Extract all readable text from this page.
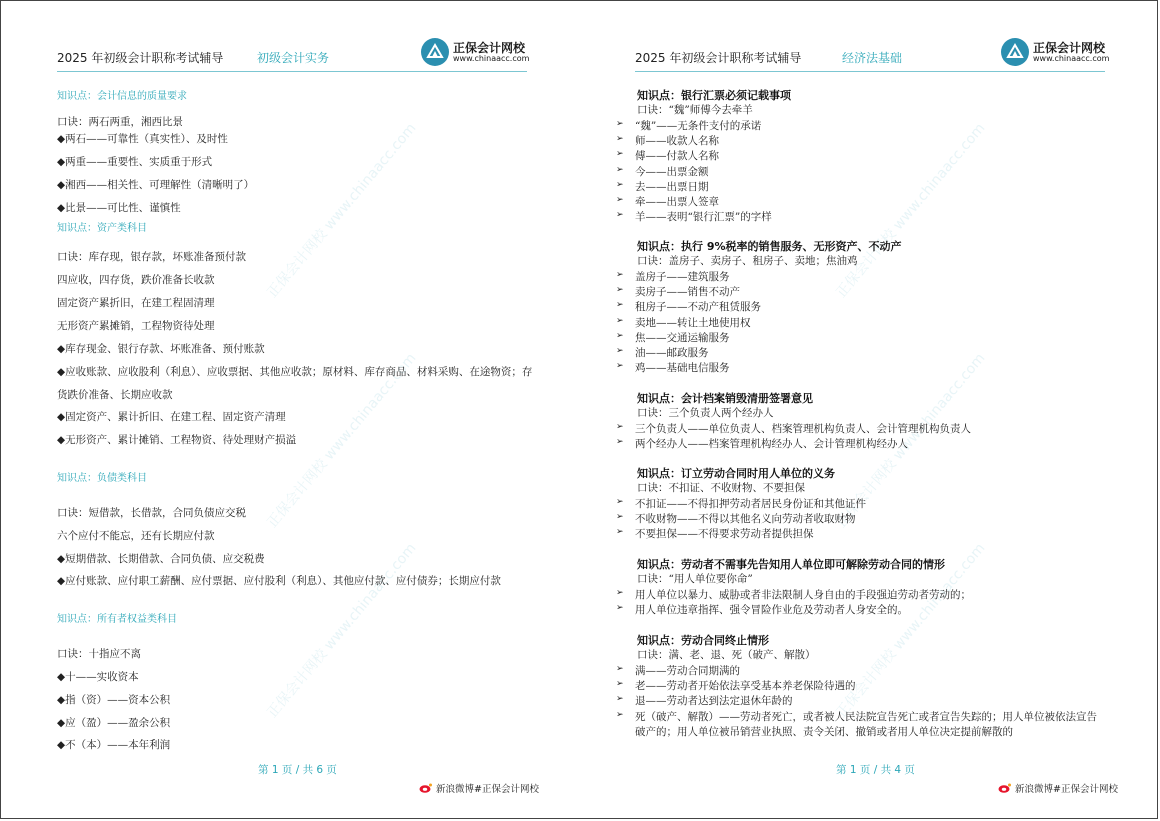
2025 年初级会计职称考试辅导	初级会计实务
正保会计网校
www.chinaacc.com
正保会计网校 www.chinaacc.com
正保会计网校 www.chinaacc.com
正保会计网校 www.chinaacc.com
知识点：会计信息的质量要求
口诀：两石两重，湘西比景
◆两石——可靠性（真实性）、及时性
◆两重——重要性、实质重于形式
◆湘西——相关性、可理解性（清晰明了）
◆比景——可比性、谨慎性
知识点：资产类科目
口诀：库存现，银存款，坏账准备预付款
四应收，四存货，跌价准备长收款
固定资产累折旧，在建工程固清理
无形资产累摊销，工程物资待处理
◆库存现金、银行存款、坏账准备、预付账款
◆应收账款、应收股利（利息）、应收票据、其他应收款；原材料、库存商品、材料采购、在途物资；存
货跌价准备、长期应收款
◆固定资产、累计折旧、在建工程、固定资产清理
◆无形资产、累计摊销、工程物资、待处理财产损溢
知识点：负债类科目
口诀：短借款，长借款，合同负债应交税
六个应付不能忘，还有长期应付款
◆短期借款、长期借款、合同负债、应交税费
◆应付账款、应付职工薪酬、应付票据、应付股利（利息）、其他应付款、应付债券；长期应付款
知识点：所有者权益类科目
口诀：十指应不离
◆十——实收资本
◆指（资）——资本公积
◆应（盈）——盈余公积
◆不（本）——本年利润
第 1 页 / 共 6 页
新浪微博#正保会计网校
2025 年初级会计职称考试辅导	经济法基础
正保会计网校
www.chinaacc.com
正保会计网校 www.chinaacc.com
正保会计网校 www.chinaacc.com
正保会计网校 www.chinaacc.com
知识点：银行汇票必须记载事项
口诀：“魏”师傅今去牵羊
➢ “魏”——无条件支付的承诺
➢ 师——收款人名称
➢ 傅——付款人名称
➢ 今——出票金额
➢ 去——出票日期
➢ 牵——出票人签章
➢ 羊——表明“银行汇票”的字样
知识点：执行 9%税率的销售服务、无形资产、不动产
口诀：盖房子、卖房子、租房子、卖地；焦油鸡
➢ 盖房子——建筑服务
➢ 卖房子——销售不动产
➢ 租房子——不动产租赁服务
➢ 卖地——转让土地使用权
➢ 焦——交通运输服务
➢ 油——邮政服务
➢ 鸡——基础电信服务
知识点：会计档案销毁清册签署意见
口诀：三个负责人两个经办人
➢ 三个负责人——单位负责人、档案管理机构负责人、会计管理机构负责人
➢ 两个经办人——档案管理机构经办人、会计管理机构经办人
知识点：订立劳动合同时用人单位的义务
口诀：不扣证、不收财物、不要担保
➢ 不扣证——不得扣押劳动者居民身份证和其他证件
➢ 不收财物——不得以其他名义向劳动者收取财物
➢ 不要担保——不得要求劳动者提供担保
知识点：劳动者不需事先告知用人单位即可解除劳动合同的情形
口诀：“用人单位要你命”
➢ 用人单位以暴力、威胁或者非法限制人身自由的手段强迫劳动者劳动的；
➢ 用人单位违章指挥、强令冒险作业危及劳动者人身安全的。
知识点：劳动合同终止情形
口诀：满、老、退、死（破产、解散）
➢ 满——劳动合同期满的
➢ 老——劳动者开始依法享受基本养老保险待遇的
➢ 退——劳动者达到法定退休年龄的
➢ 死（破产、解散）——劳动者死亡，或者被人民法院宣告死亡或者宣告失踪的；用人单位被依法宣告
破产的；用人单位被吊销营业执照、责令关闭、撤销或者用人单位决定提前解散的
第 1 页 / 共 4 页
新浪微博#正保会计网校
